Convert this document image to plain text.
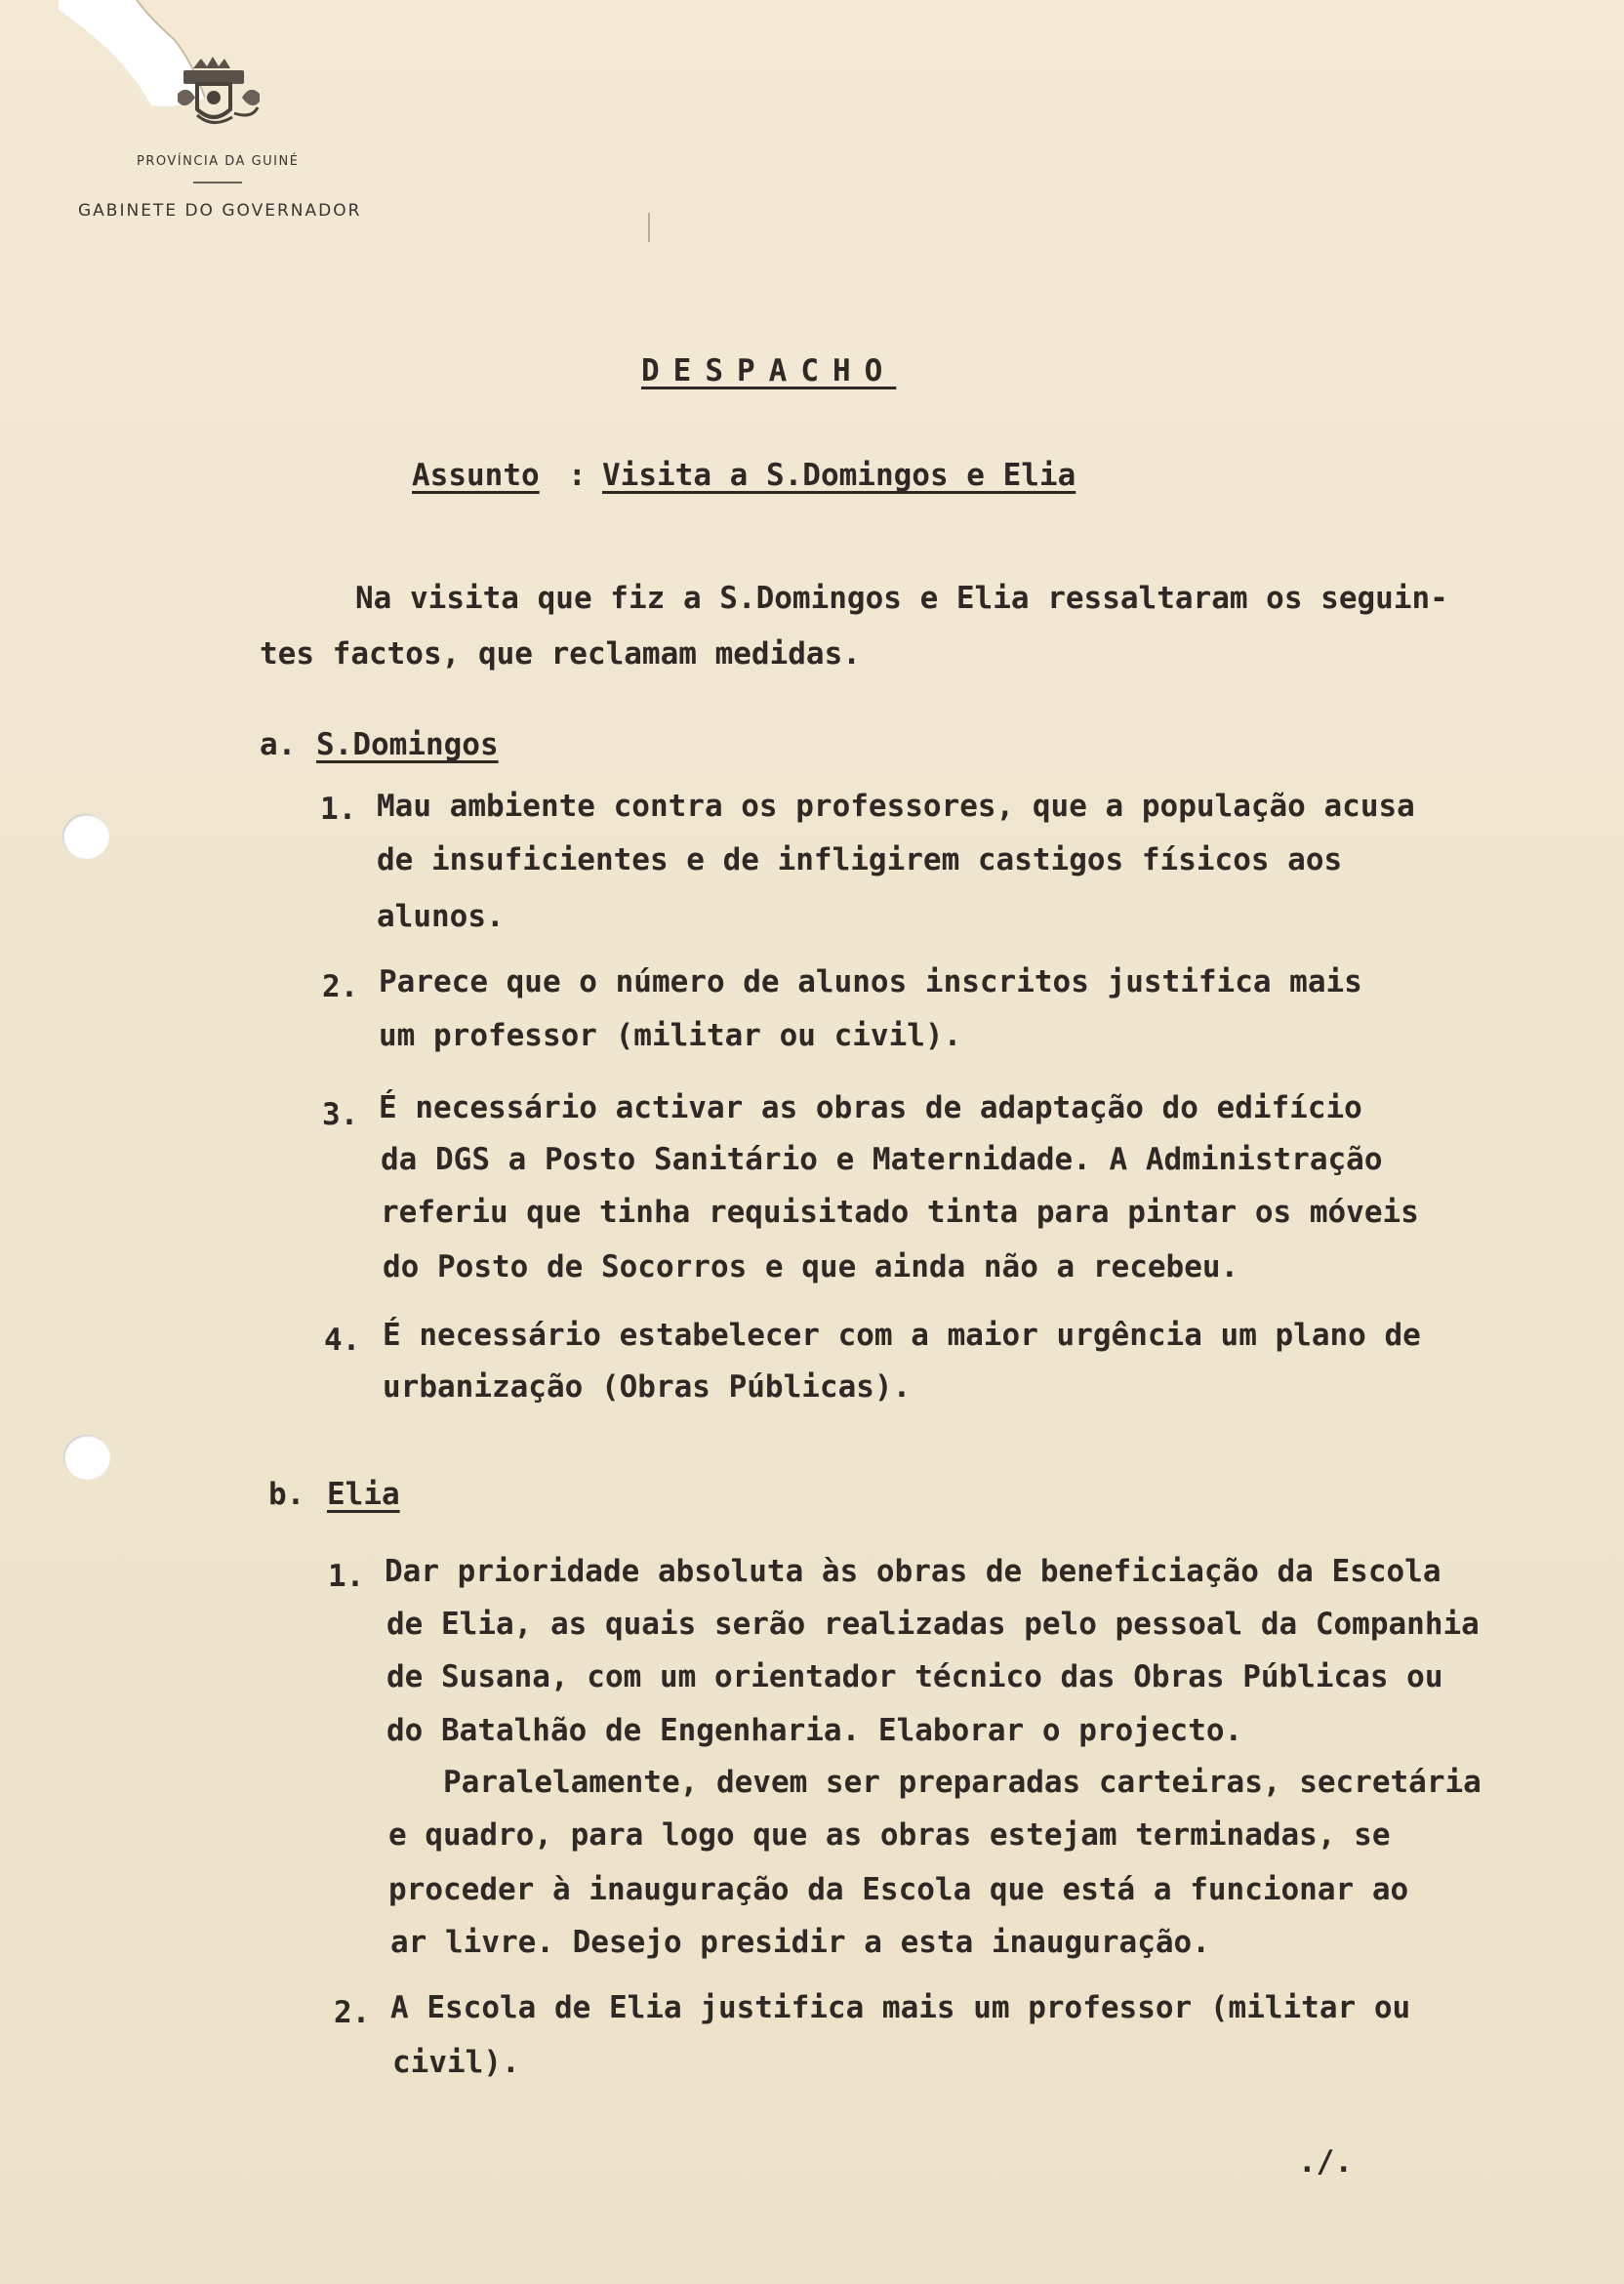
PROVÍNCIA DA GUINÉ
GABINETE DO GOVERNADOR
DESPACHO
Assunto : Visita a S.Domingos e Elia
Na visita que fiz a S.Domingos e Elia ressaltaram os seguin-
tes factos, que reclamam medidas.
a. S.Domingos
1. Mau ambiente contra os professores, que a população acusa
de insuficientes e de infligirem castigos físicos aos
alunos.
2. Parece que o número de alunos inscritos justifica mais
um professor (militar ou civil).
3. É necessário activar as obras de adaptação do edifício
da DGS a Posto Sanitário e Maternidade. A Administração
referiu que tinha requisitado tinta para pintar os móveis
do Posto de Socorros e que ainda não a recebeu.
4. É necessário estabelecer com a maior urgência um plano de
urbanização (Obras Públicas).
b. Elia
1. Dar prioridade absoluta às obras de beneficiação da Escola
de Elia, as quais serão realizadas pelo pessoal da Companhia
de Susana, com um orientador técnico das Obras Públicas ou
do Batalhão de Engenharia. Elaborar o projecto.
Paralelamente, devem ser preparadas carteiras, secretária
e quadro, para logo que as obras estejam terminadas, se
proceder à inauguração da Escola que está a funcionar ao
ar livre. Desejo presidir a esta inauguração.
2. A Escola de Elia justifica mais um professor (militar ou
civil).
./.
